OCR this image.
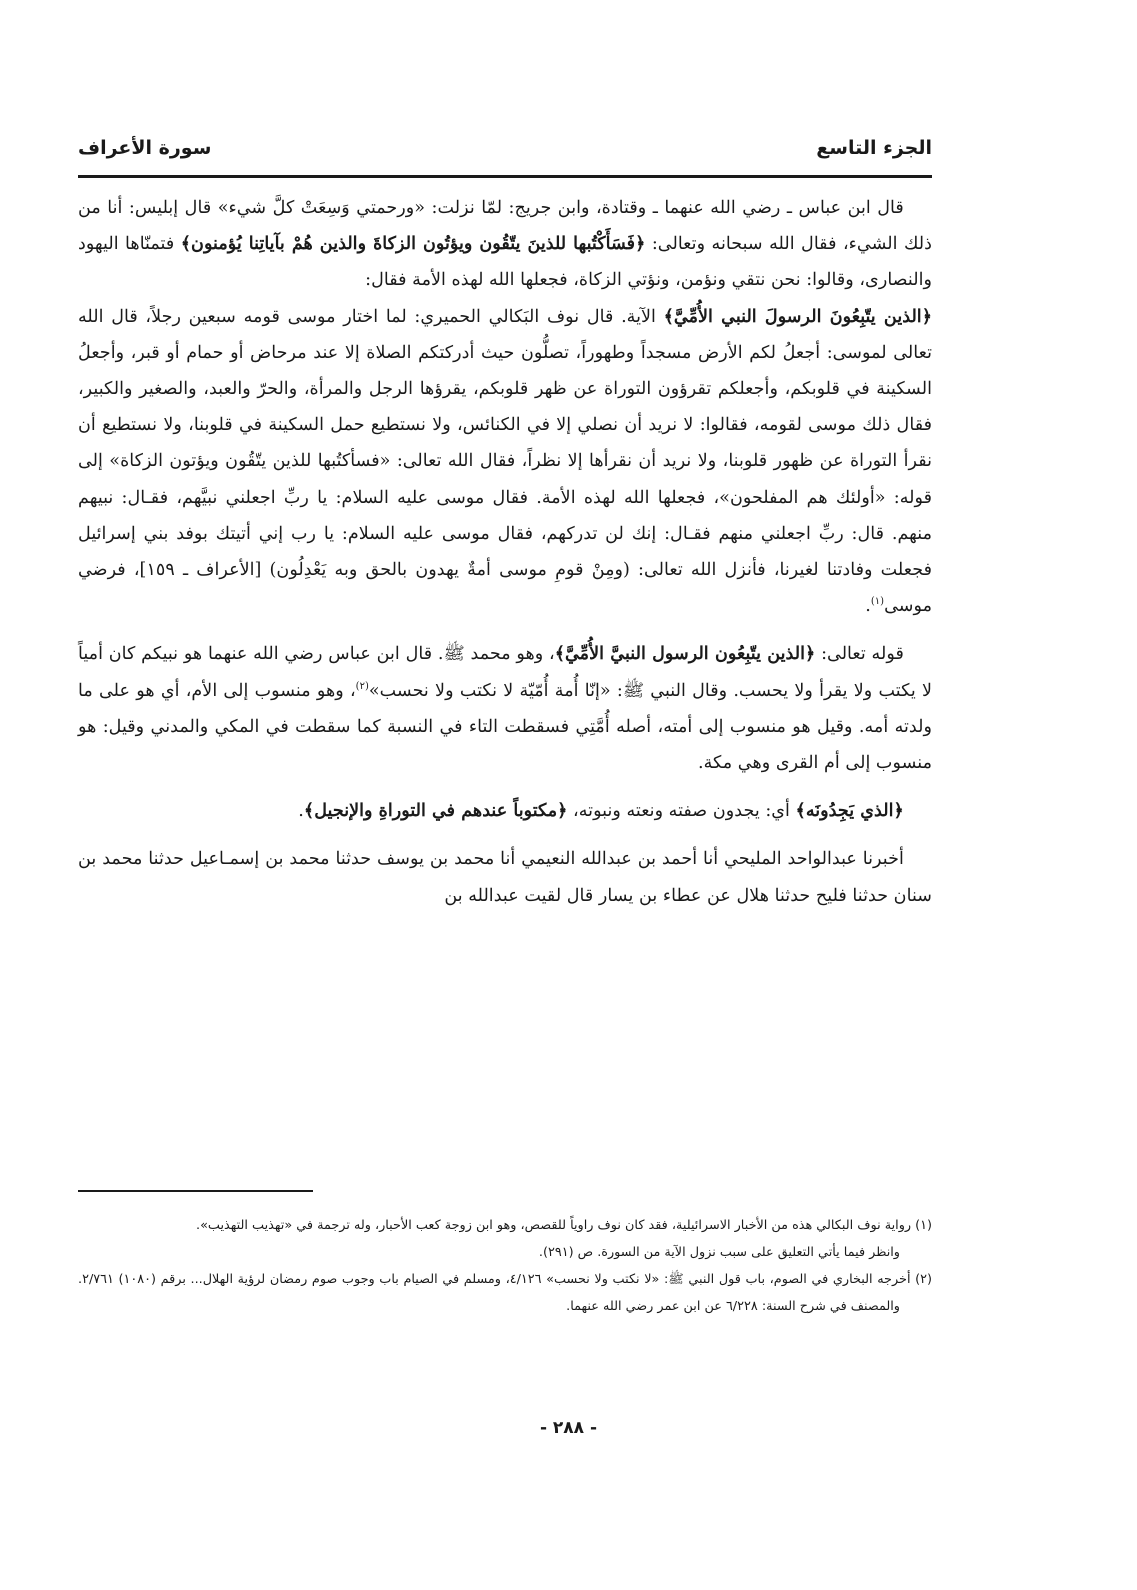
الجزء التاسع
سورة الأعراف

قال ابن عباس ـ رضي الله عنهما ـ وقتادة، وابن جريج: لمّا نزلت: «ورحمتي وَسِعَتْ كلَّ شيء» قال إبليس: أنا من ذلك الشيء، فقال الله سبحانه وتعالى: ﴿فَسَأَكْتُبها للذينَ يتّقُون ويؤتُون الزكاةَ والذين هُمْ بآياتِنا يُؤمنون﴾ فتمنّاها اليهود والنصارى، وقالوا: نحن نتقي ونؤمن، ونؤتي الزكاة، فجعلها الله لهذه الأمة فقال:

﴿الذين يتّبِعُونَ الرسولَ النبي الأُمِّيَّ﴾ الآية. قال نوف البَكالي الحميري: لما اختار موسى قومه سبعين رجلاً، قال الله تعالى لموسى: أجعلُ لكم الأرض مسجداً وطهوراً، تصلُّون حيث أدركتكم الصلاة إلا عند مرحاض أو حمام أو قبر، وأجعلُ السكينة في قلوبكم، وأجعلكم تقرؤون التوراة عن ظهر قلوبكم، يقرؤها الرجل والمرأة، والحرّ والعبد، والصغير والكبير، فقال ذلك موسى لقومه، فقالوا: لا نريد أن نصلي إلا في الكنائس، ولا نستطيع حمل السكينة في قلوبنا، ولا نستطيع أن نقرأ التوراة عن ظهور قلوبنا، ولا نريد أن نقرأها إلا نظراً، فقال الله تعالى: «فسأكتُبها للذين يتّقُون ويؤتون الزكاة» إلى قوله: «أولئك هم المفلحون»، فجعلها الله لهذه الأمة. فقال موسى عليه السلام: يا ربِّ اجعلني نبيَّهم، فقـال: نبيهم منهم. قال: ربِّ اجعلني منهم فقـال: إنك لن تدركهم، فقال موسى عليه السلام: يا رب إني أتيتك بوفد بني إسرائيل فجعلت وفادتنا لغيرنا، فأنزل الله تعالى: (ومِنْ قومِ موسى أمةٌ يهدون بالحق وبه يَعْدِلُون) [الأعراف ـ ١٥٩]، فرضي موسى$^{(١)}$.

قوله تعالى: ﴿الذين يتّبِعُون الرسول النبيَّ الأُمِّيَّ﴾، وهو محمد ﷺ. قال ابن عباس رضي الله عنهما هو نبيكم كان أمياً لا يكتب ولا يقرأ ولا يحسب. وقال النبي ﷺ: «إنّا أُمة أُمّيّة لا نكتب ولا نحسب»$^{(٢)}$، وهو منسوب إلى الأم، أي هو على ما ولدته أمه. وقيل هو منسوب إلى أمته، أصله أُمَّتِي فسقطت التاء في النسبة كما سقطت في المكي والمدني وقيل: هو منسوب إلى أم القرى وهي مكة.

﴿الذي يَجِدُونَه﴾ أي: يجدون صفته ونعته ونبوته، ﴿مكتوباً عندهم في التوراةِ والإنجيل﴾.

أخبرنا عبدالواحد المليحي أنا أحمد بن عبدالله النعيمي أنا محمد بن يوسف حدثنا محمد بن إسمـاعيل حدثنا محمد بن سنان حدثنا فليح حدثنا هلال عن عطاء بن يسار قال لقيت عبدالله بن

(١) رواية نوف البكالي هذه من الأخبار الاسرائيلية، فقد كان نوف راوياً للقصص، وهو ابن زوجة كعب الأحبار، وله ترجمة في «تهذيب التهذيب».

وانظر فيما يأتي التعليق على سبب نزول الآية من السورة. ص (٢٩١).

(٢) أخرجه البخاري في الصوم، باب قول النبي ﷺ: «لا نكتب ولا نحسب» ٤/١٢٦، ومسلم في الصيام باب وجوب صوم رمضان لرؤية الهلال... برقم (١٠٨٠) ٢/٧٦١. والمصنف في شرح السنة: ٦/٢٢٨ عن ابن عمر رضي الله عنهما.

- ٢٨٨ -
